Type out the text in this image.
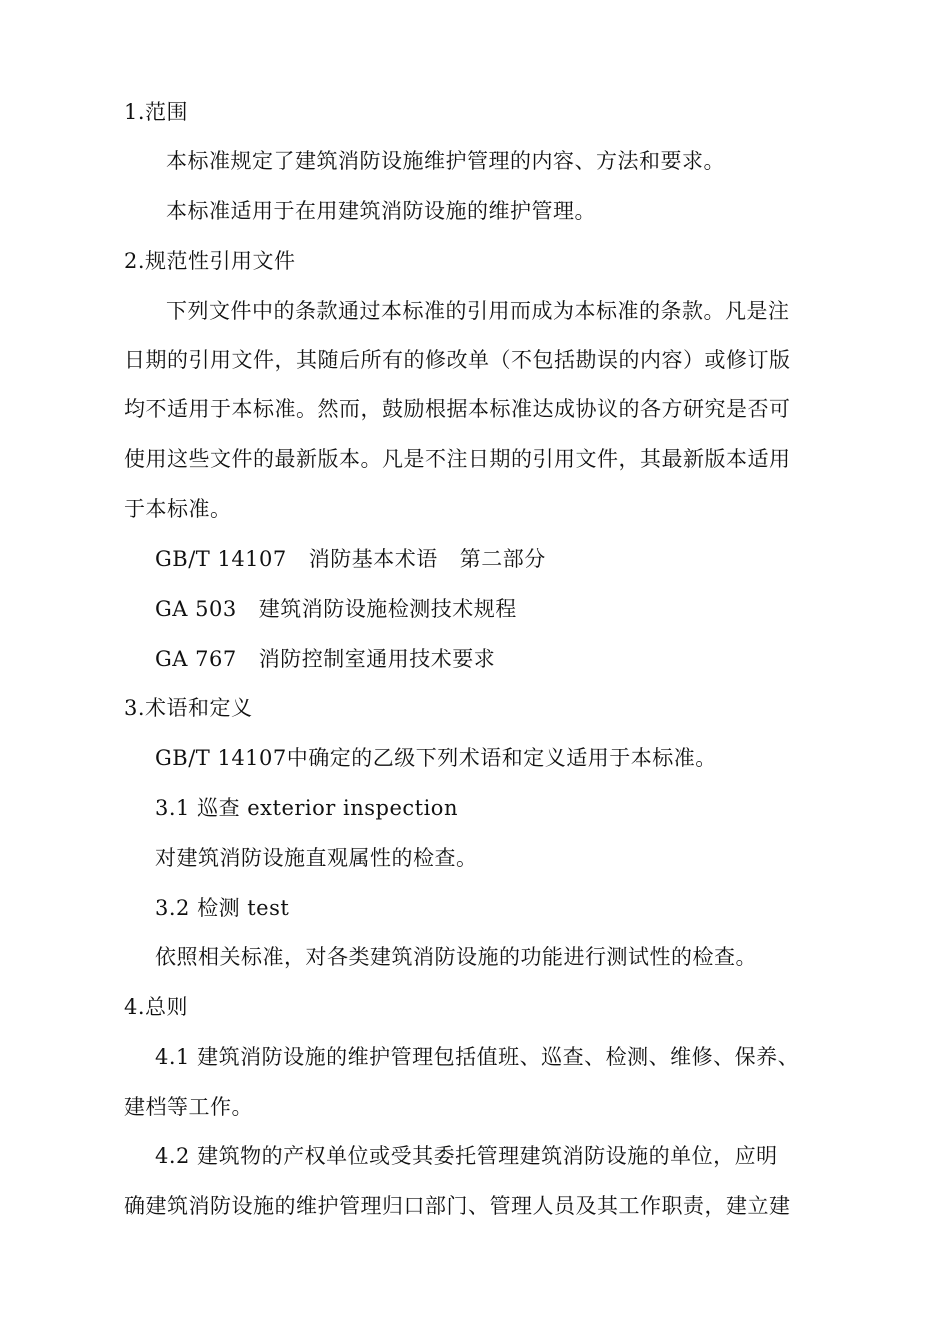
1.范围
本标准规定了建筑消防设施维护管理的内容、方法和要求。
本标准适用于在用建筑消防设施的维护管理。
2.规范性引用文件
下列文件中的条款通过本标准的引用而成为本标准的条款。凡是注
日期的引用文件，其随后所有的修改单（不包括勘误的内容）或修订版
均不适用于本标准。然而，鼓励根据本标准达成协议的各方研究是否可
使用这些文件的最新版本。凡是不注日期的引用文件，其最新版本适用
于本标准。
GB/T 14107 消防基本术语 第二部分
GA 503 建筑消防设施检测技术规程
GA 767 消防控制室通用技术要求
3.术语和定义
GB/T 14107中确定的乙级下列术语和定义适用于本标准。
3.1 巡查 exterior inspection
对建筑消防设施直观属性的检查。
3.2 检测 test
依照相关标准，对各类建筑消防设施的功能进行测试性的检查。
4.总则
4.1 建筑消防设施的维护管理包括值班、巡查、检测、维修、保养、
建档等工作。
4.2 建筑物的产权单位或受其委托管理建筑消防设施的单位，应明
确建筑消防设施的维护管理归口部门、管理人员及其工作职责，建立建
